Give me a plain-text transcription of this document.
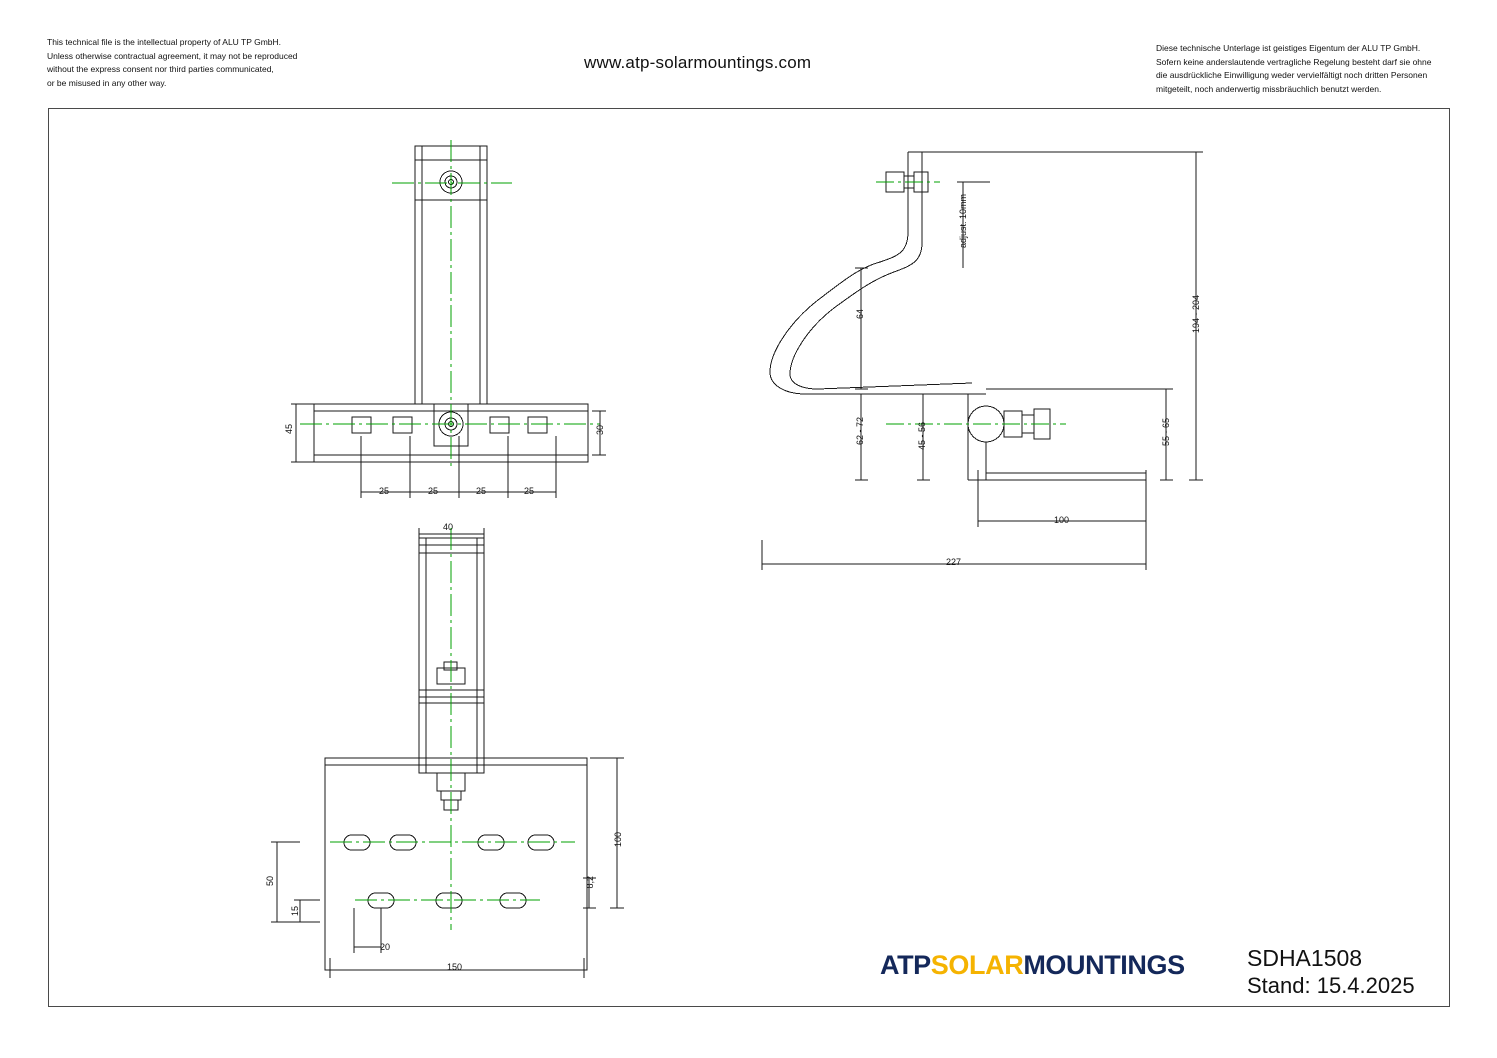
This technical file is the intellectual property of ALU TP GmbH.
Unless otherwise contractual agreement, it may not be reproduced
without the express consent nor third parties communicated,
or be misused in any other way.
www.atp-solarmountings.com
Diese technische Unterlage ist geistiges Eigentum der ALU TP GmbH.
Sofern keine anderslautende vertragliche Regelung besteht darf sie ohne
die ausdrückliche Einwilligung weder vervielfältigt noch dritten Personen
mitgeteilt, noch anderwertig missbräuchlich benutzt werden.
45	30
25	25	25	25
40
100
8,2
50
15
20
150
adjust. 10mm
194 - 204
64
62 - 72	45 - 56	55 - 65
100
227
ATPSOLARMOUNTINGS	SDHA1508
Stand: 15.4.2025
